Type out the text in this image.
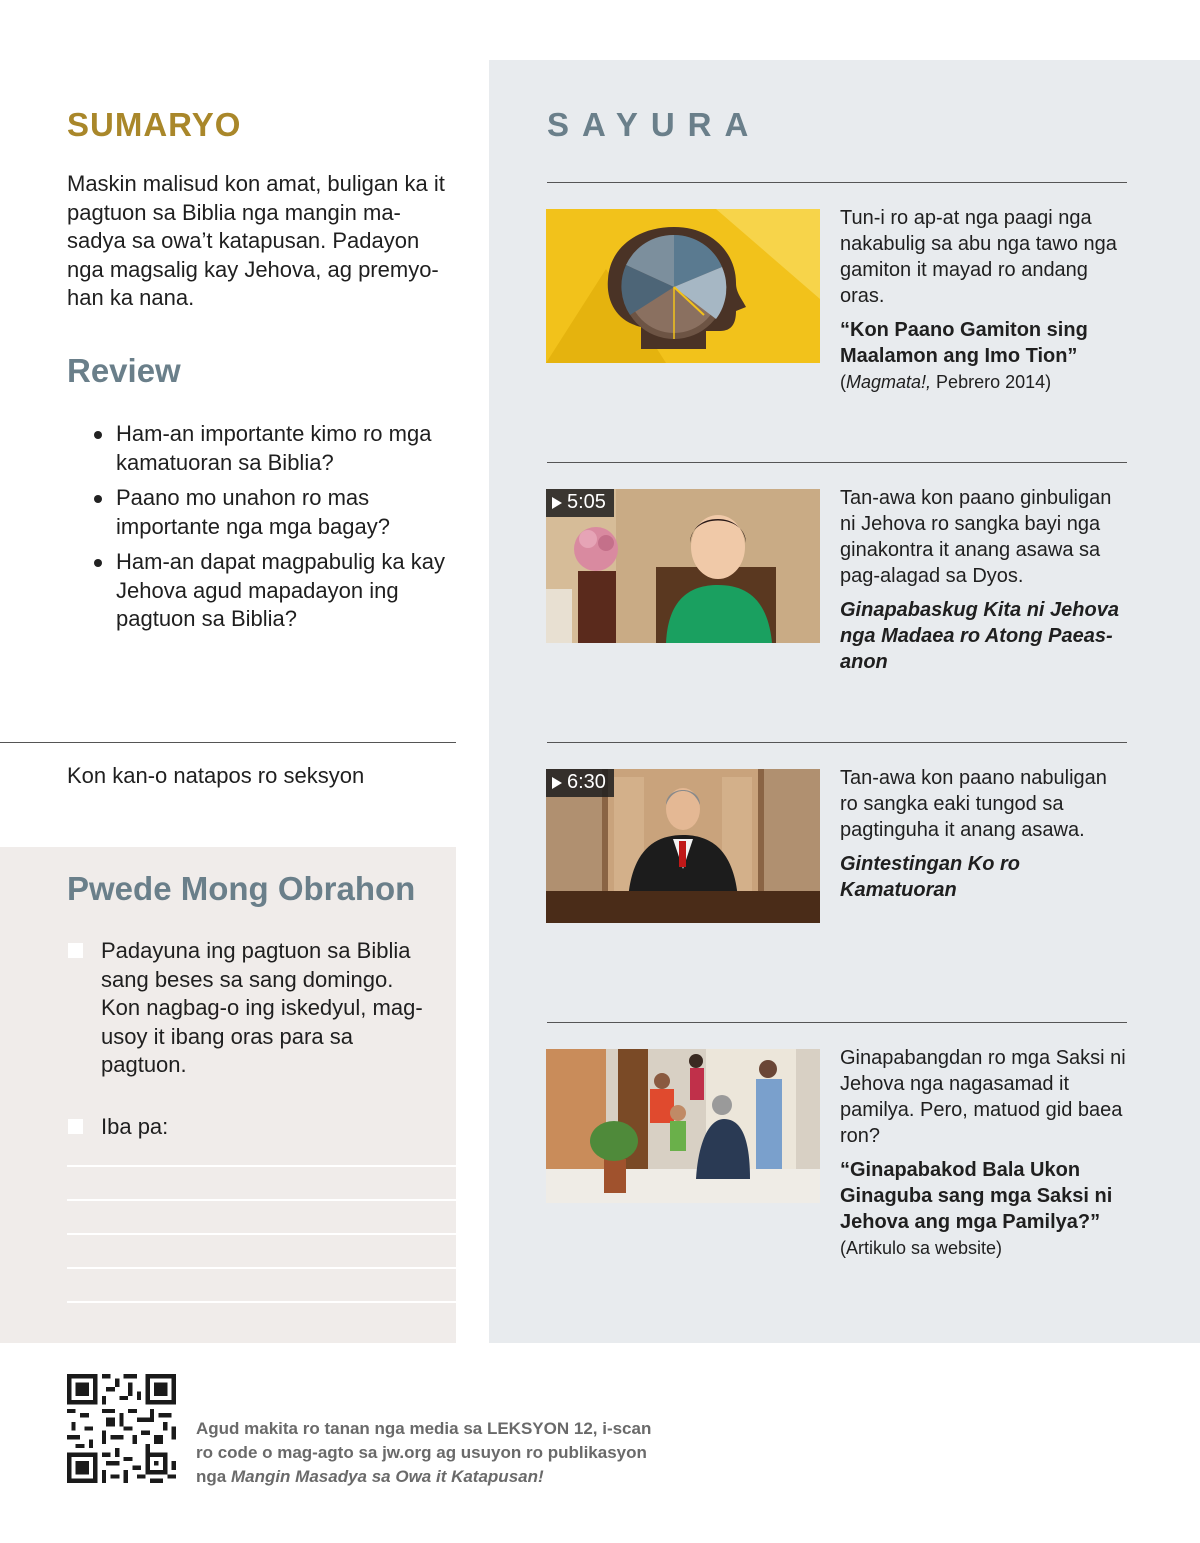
SUMARYO

Maskin malisud kon amat, buligan ka it pagtuon sa Biblia nga mangin ma-sadya sa owa’t katapusan. Padayon nga magsalig kay Jehova, ag premyo-han ka nana.

Review
Ham-an importante kimo ro mga kamatuoran sa Biblia?
Paano mo unahon ro mas importante nga mga bagay?
Ham-an dapat magpabulig ka kay Jehova agud mapadayon ing pagtuon sa Biblia?

Kon kan-o natapos ro seksyon

Pwede Mong Obrahon
Padayuna ing pagtuon sa Biblia sang beses sa sang domingo. Kon nagbag-o ing iskedyul, mag-usoy it ibang oras para sa pagtuon.
Iba pa:
SAYURA

Tun-i ro ap-at nga paagi nga nakabulig sa abu nga tawo nga gamiton it mayad ro andang oras.

“Kon Paano Gamiton sing Maalamon ang Imo Tion”

(Magmata!, Pebrero 2014)

5:05	Tan-awa kon paano ginbuligan ni Jehova ro sangka bayi nga ginakontra it anang asawa sa pag-alagad sa Dyos.

Ginapabaskug Kita ni Jehova nga Madaea ro Atong Paeas-anon

6:30	Tan-awa kon paano nabuligan ro sangka eaki tungod sa pagtinguha it anang asawa.

Gintestingan Ko ro Kamatuoran

Ginapabangdan ro mga Saksi ni Jehova nga nagasamad it pamilya. Pero, matuod gid baea ron?

“Ginapabakod Bala Ukon Ginaguba sang mga Saksi ni Jehova ang mga Pamilya?”

(Artikulo sa website)

Agud makita ro tanan nga media sa LEKSYON 12, i-scan
ro code o mag-agto sa jw.org ag usuyon ro publikasyon
nga Mangin Masadya sa Owa it Katapusan!
